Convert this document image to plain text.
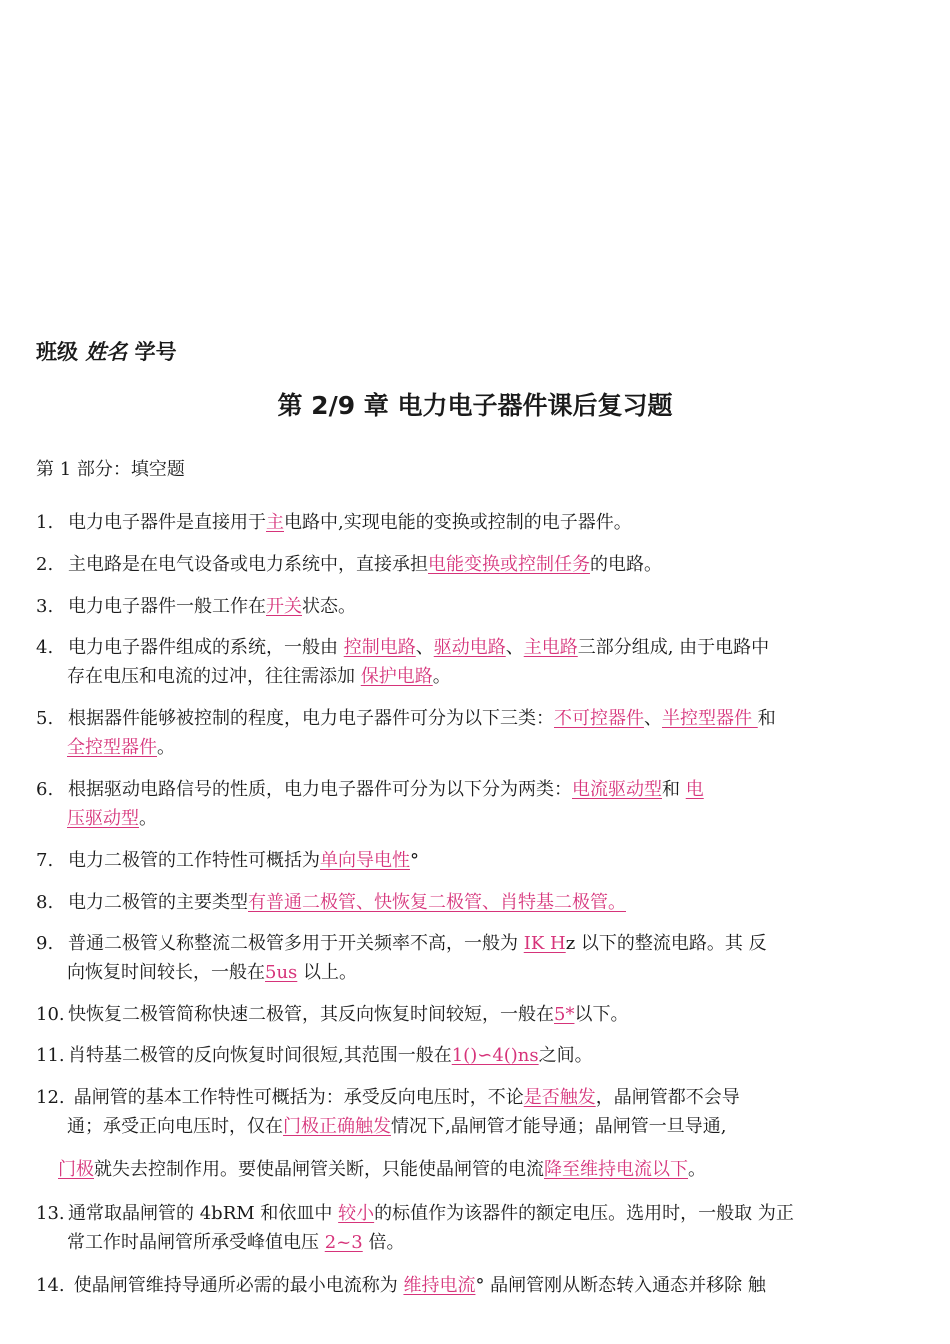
班级 姓名 学号
第 2/9 章 电力电子器件课后复习题
第 1 部分：填空题
1. 电力电子器件是直接用于主电路中,实现电能的变换或控制的电子器件。
2. 主电路是在电气设备或电力系统中，直接承担电能变换或控制任务的电路。
3. 电力电子器件一般工作在开关状态。
4. 电力电子器件组成的系统，一般由 控制电路、驱动电路、主电路三部分组成, 由于电路中
存在电压和电流的过冲，往往需添加 保护电路。
5. 根据器件能够被控制的程度，电力电子器件可分为以下三类：不可控器件、半控型器件 和
全控型器件。
6. 根据驱动电路信号的性质，电力电子器件可分为以下分为两类：电流驱动型和 电
压驱动型。
7. 电力二极管的工作特性可概括为单向导电性°
8. 电力二极管的主要类型有普通二极管、快恢复二极管、肖特基二极管。
9. 普通二极管乂称整流二极管多用于开关频率不高，一般为 IK Hz 以下的整流电路。其 反
向恢复时间较长，一般在5us 以上。
10. 快恢复二极管简称快速二极管，其反向恢复时间较短，一般在5*以下。
11. 肖特基二极管的反向恢复时间很短,其范围一般在1()∽4()ns之间。
12. 晶闸管的基本工作特性可概括为：承受反向电压时，不论是否触发，晶闸管都不会导
通；承受正向电压时，仅在门极正确触发情况下,晶闸管才能导通；晶闸管一旦导通,
门极就失去控制作用。要使晶闸管关断，只能使晶闸管的电流降至维持电流以下。
13. 通常取晶闸管的 4bRM 和依皿中 较小的标值作为该器件的额定电压。选用时，一般取 为正
常工作时晶闸管所承受峰值电压 2~3 倍。
14. 使晶闸管维持导通所必需的最小电流称为 维持电流° 晶闸管刚从断态转入通态并移除 触
